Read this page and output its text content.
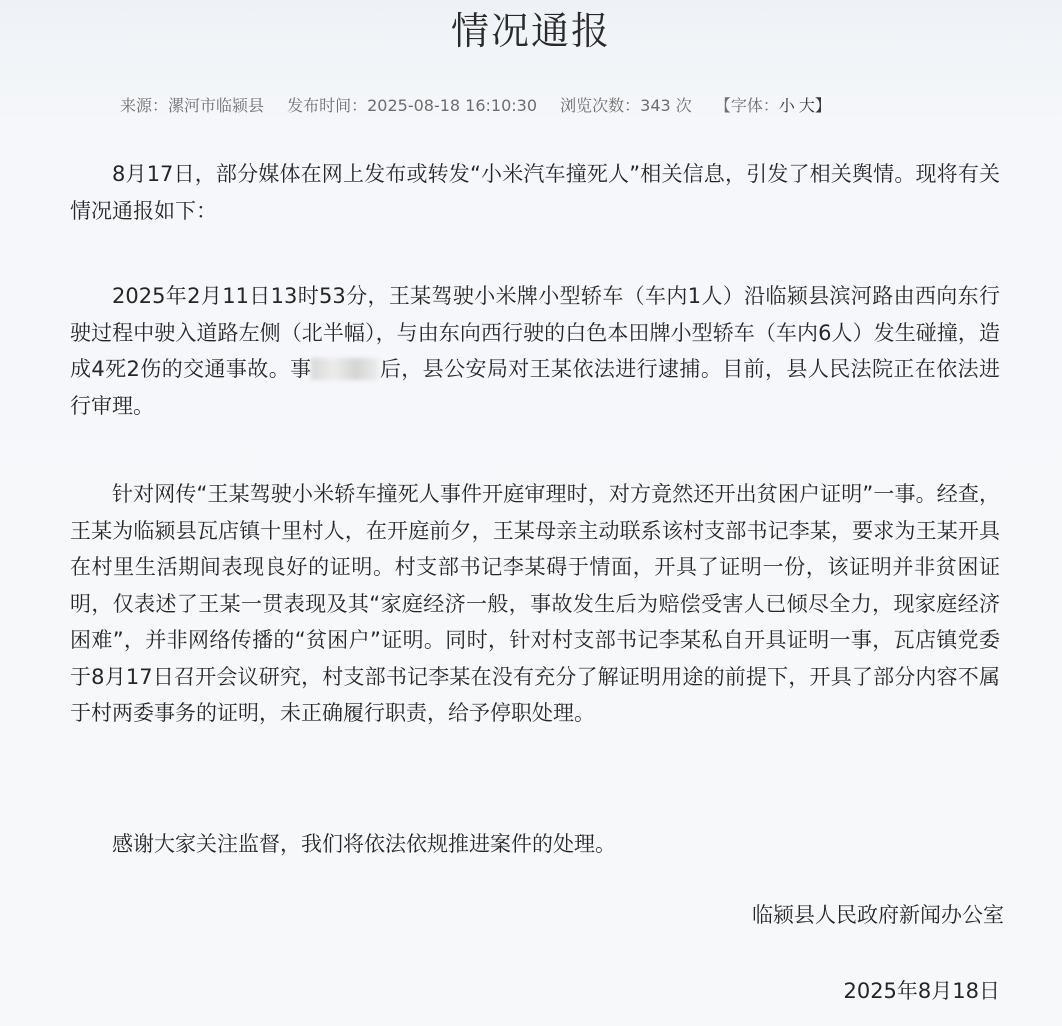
情况通报
来源：漯河市临颍县 发布时间：2025-08-18 16:10:30 浏览次数：343 次 【字体：小 大】
8月17日，部分媒体在网上发布或转发“小米汽车撞死人”相关信息，引发了相关舆情。现将有关情况通报如下：
2025年2月11日13时53分，王某驾驶小米牌小型轿车（车内1人）沿临颍县滨河路由西向东行驶过程中驶入道路左侧（北半幅），与由东向西行驶的白色本田牌小型轿车（车内6人）发生碰撞，造成4死2伤的交通事故。事	后，县公安局对王某依法进行逮捕。目前，县人民法院正在依法进行审理。
针对网传“王某驾驶小米轿车撞死人事件开庭审理时，对方竟然还开出贫困户证明”一事。经查，王某为临颍县瓦店镇十里村人，在开庭前夕，王某母亲主动联系该村支部书记李某，要求为王某开具在村里生活期间表现良好的证明。村支部书记李某碍于情面，开具了证明一份，该证明并非贫困证明，仅表述了王某一贯表现及其“家庭经济一般，事故发生后为赔偿受害人已倾尽全力，现家庭经济困难”，并非网络传播的“贫困户”证明。同时，针对村支部书记李某私自开具证明一事，瓦店镇党委于8月17日召开会议研究，村支部书记李某在没有充分了解证明用途的前提下，开具了部分内容不属于村两委事务的证明，未正确履行职责，给予停职处理。
感谢大家关注监督，我们将依法依规推进案件的处理。
临颍县人民政府新闻办公室
2025年8月18日
